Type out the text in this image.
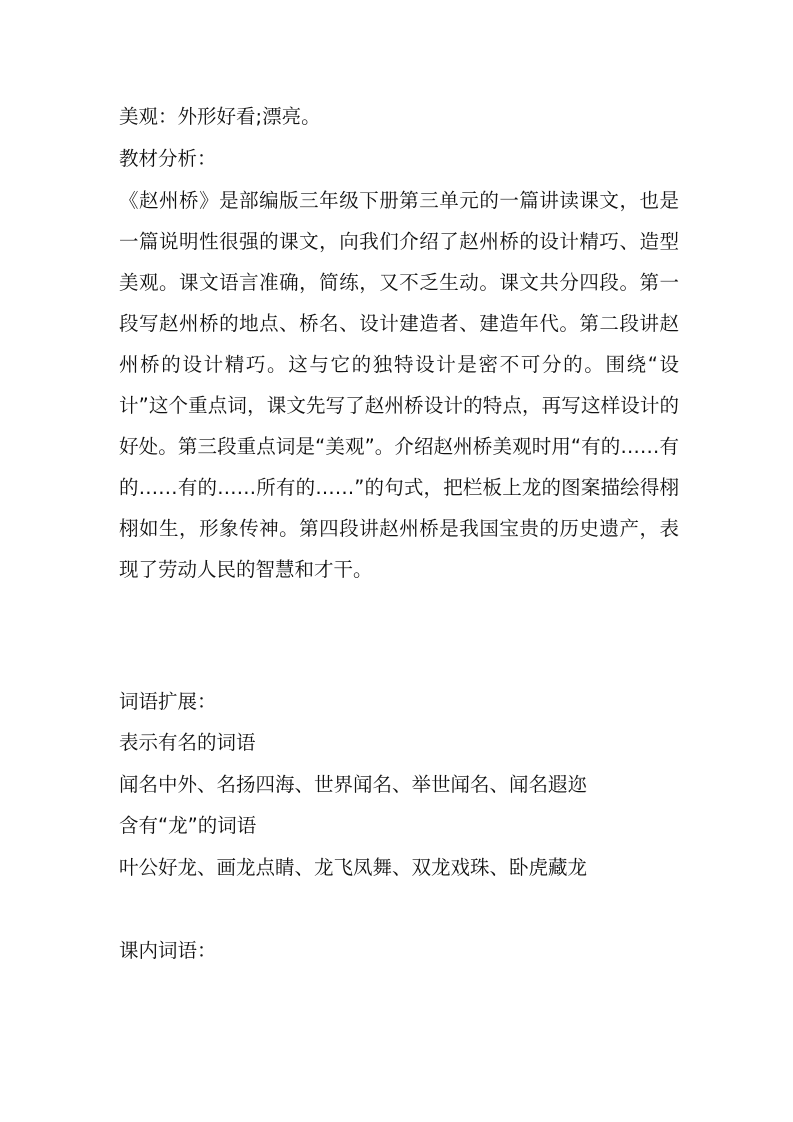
美观：外形好看;漂亮。
教材分析：
《赵州桥》是部编版三年级下册第三单元的一篇讲读课文，也是一篇说明性很强的课文，向我们介绍了赵州桥的设计精巧、造型美观。课文语言准确，简练，又不乏生动。课文共分四段。第一段写赵州桥的地点、桥名、设计建造者、建造年代。第二段讲赵州桥的设计精巧。这与它的独特设计是密不可分的。围绕“设计”这个重点词，课文先写了赵州桥设计的特点，再写这样设计的好处。第三段重点词是“美观”。介绍赵州桥美观时用“有的……有的……有的……所有的……”的句式，把栏板上龙的图案描绘得栩栩如生，形象传神。第四段讲赵州桥是我国宝贵的历史遗产，表现了劳动人民的智慧和才干。
词语扩展：
表示有名的词语
闻名中外、名扬四海、世界闻名、举世闻名、闻名遐迩
含有“龙”的词语
叶公好龙、画龙点睛、龙飞凤舞、双龙戏珠、卧虎藏龙
课内词语：
